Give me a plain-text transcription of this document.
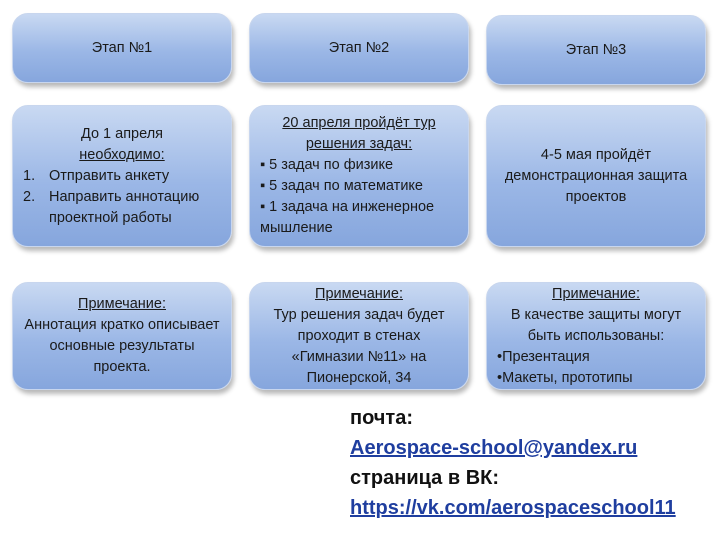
Этап №1	Этап №2	Этап №3
До 1 апреля
необходимо:
1. Отправить анкету
2. Направить аннотацию проектной работы
20 апреля пройдёт тур решения задач:
▪ 5 задач по физике
▪ 5 задач по математике
▪ 1 задача на инженерное мышление
4-5 мая пройдёт демонстрационная защита проектов
Примечание:
Аннотация кратко описывает основные результаты проекта.
Примечание:
Тур решения задач будет проходит в стенах «Гимназии №11» на Пионерской, 34
Примечание:
В качестве защиты могут быть использованы:
• Презентация
• Макеты, прототипы
почта:
Aerospace-school@yandex.ru
страница в ВК:
https://vk.com/aerospaceschool11
